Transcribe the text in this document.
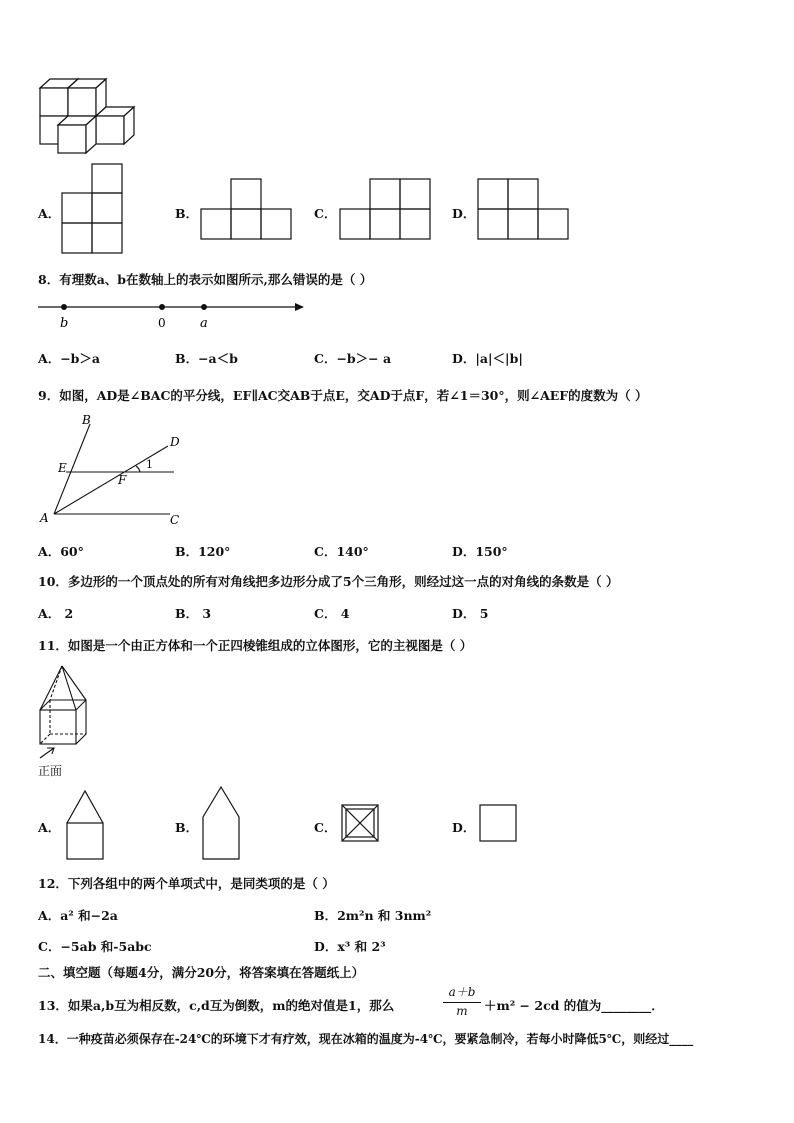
A．	B．	C．	D．
8．有理数a、b在数轴上的表示如图所示,那么错误的是（ ）
b	0	a
A．−b＞a	B．−a＜b	C．−b＞− a	D．|a|＜|b|
9．如图，AD是∠BAC的平分线，EF∥AC交AB于点E，交AD于点F，若∠1＝30°，则∠AEF的度数为（ ）
B
D
E
F
1
A	C
A．60°	B．120°	C．140°	D．150°
10．多边形的一个顶点处的所有对角线把多边形分成了5个三角形，则经过这一点的对角线的条数是（ ）
A． 2	B． 3	C． 4	D． 5
11．如图是一个由正方体和一个正四棱锥组成的立体图形，它的主视图是（ ）
正面
A．	B．	C．	D．
12．下列各组中的两个单项式中，是同类项的是（ ）
A．a² 和−2a	B．2m²n 和 3nm²
C．−5ab 和-5abc	D．x³ 和 2³
二、填空题（每题4分，满分20分，将答案填在答题纸上）
13．如果a,b互为相反数，c,d互为倒数，m的绝对值是1，那么
a＋b
m	＋m² − 2cd 的值为________．
14．一种疫苗必须保存在-24℃的环境下才有疗效，现在冰箱的温度为-4℃，要紧急制冷，若每小时降低5℃，则经过____
